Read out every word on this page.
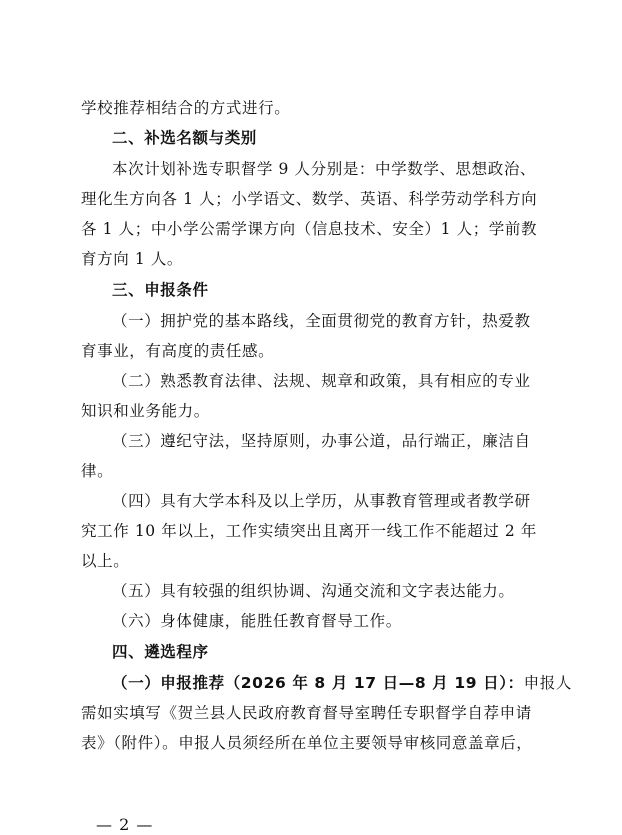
学校推荐相结合的方式进行。
二、补选名额与类别
本次计划补选专职督学 9 人分别是：中学数学、思想政治、
理化生方向各 1 人；小学语文、数学、英语、科学劳动学科方向
各 1 人；中小学公需学课方向（信息技术、安全）1 人；学前教
育方向 1 人。
三、申报条件
（一）拥护党的基本路线，全面贯彻党的教育方针，热爱教
育事业，有高度的责任感。
（二）熟悉教育法律、法规、规章和政策，具有相应的专业
知识和业务能力。
（三）遵纪守法，坚持原则，办事公道，品行端正，廉洁自
律。
（四）具有大学本科及以上学历，从事教育管理或者教学研
究工作 10 年以上，工作实绩突出且离开一线工作不能超过 2 年
以上。
（五）具有较强的组织协调、沟通交流和文字表达能力。
（六）身体健康，能胜任教育督导工作。
四、遴选程序
（一）申报推荐（2026 年 8 月 17 日—8 月 19 日）：申报人
需如实填写《贺兰县人民政府教育督导室聘任专职督学自荐申请
表》（附件）。申报人员须经所在单位主要领导审核同意盖章后，
— 2 —
